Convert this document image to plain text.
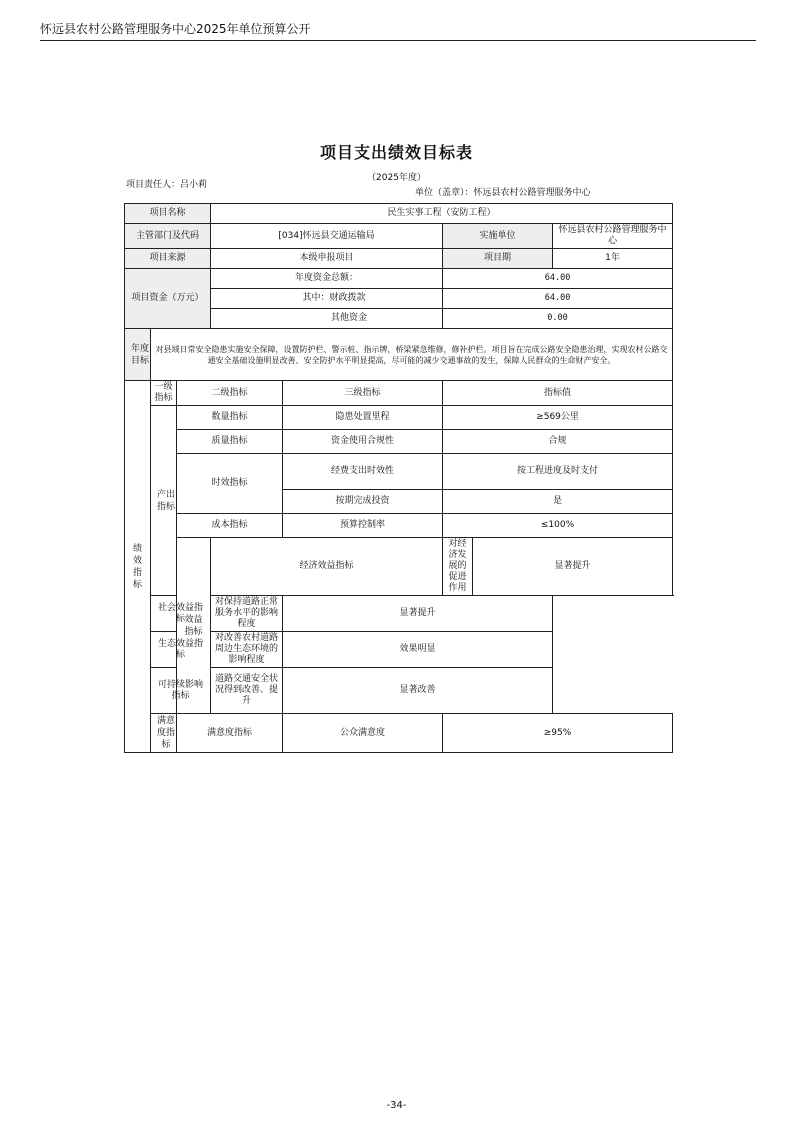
怀远县农村公路管理服务中心2025年单位预算公开
项目支出绩效目标表
（2025年度）
项目责任人：吕小莉
单位（盖章）：怀远县农村公路管理服务中心
项目名称			民生实事工程（安防工程）				
主管部门及代码			[034]怀远县交通运输局		实施单位		怀远县农村公路管理服务中心
项目来源			本级申报项目		项目期		1年
项目资金（万元）			年度资金总额：		64.00		
			其中：财政拨款		64.00		
			其他资金		0.00		
年度目标	对县域日常安全隐患实施安全保障，设置防护栏、警示桩、指示牌，桥梁紧急维修，修补护栏。项目旨在完成公路安全隐患治理，实现农村公路交通安全基础设施明显改善、安全防护水平明显提高，尽可能的减少交通事故的发生，保障人民群众的生命财产安全。						
绩效指标	一级指标	二级指标		三级指标	指标值		
	产出指标	数量指标		隐患处置里程	≥569公里		
		质量指标		资金使用合规性	合规		
		时效指标		经费支出时效性	按工程进度及时支付		
				按期完成投资	是		
		成本指标		预算控制率	≤100%		
		效益指标	经济效益指标		对经济发展的促进作用	显著提升	
	社会效益指标		对保持道路正常服务水平的影响程度	显著提升			
	生态效益指标		对改善农村道路周边生态环境的影响程度	效果明显			
	可持续影响指标		道路交通安全状况得到改善、提升	显著改善			
	满意度指标	满意度指标		公众满意度	≥95%		
-34-
